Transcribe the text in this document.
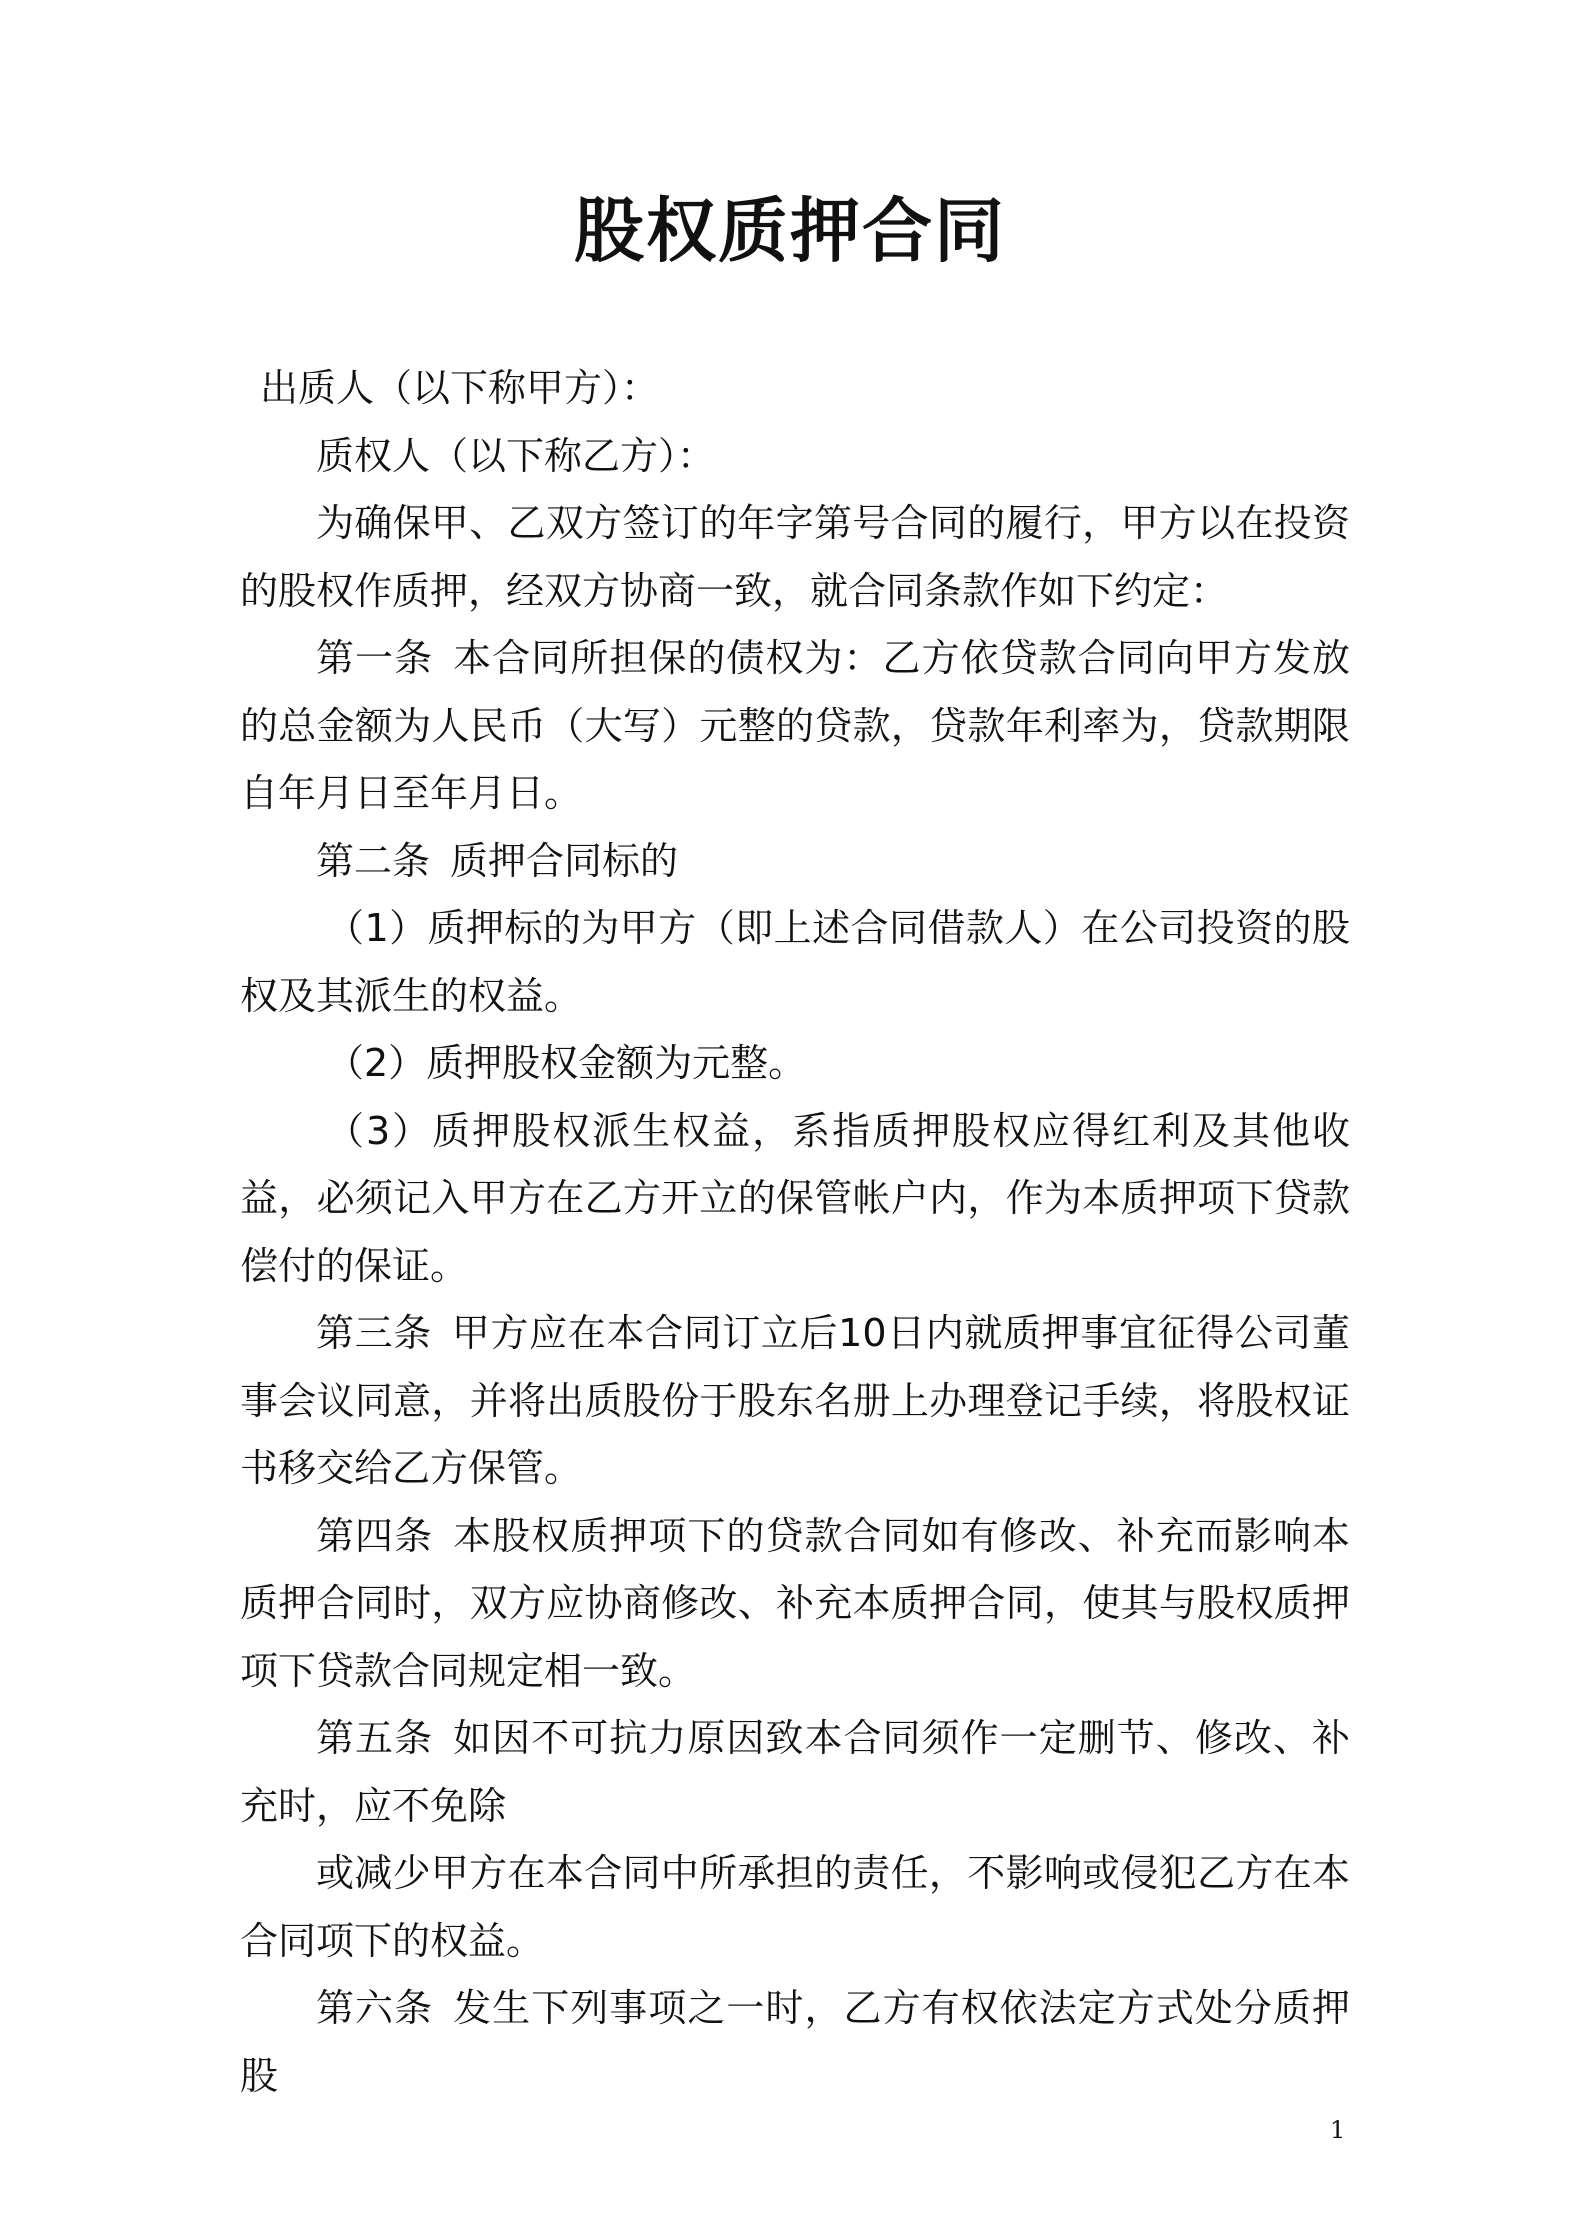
股权质押合同

出质人（以下称甲方）：

质权人（以下称乙方）：

为确保甲、乙双方签订的年字第号合同的履行，甲方以在投资的股权作质押，经双方协商一致，就合同条款作如下约定：

第一条 本合同所担保的债权为：乙方依贷款合同向甲方发放的总金额为人民币（大写）元整的贷款，贷款年利率为，贷款期限自年月日至年月日。

第二条 质押合同标的

（1）质押标的为甲方（即上述合同借款人）在公司投资的股权及其派生的权益。

（2）质押股权金额为元整。

（3）质押股权派生权益，系指质押股权应得红利及其他收益，必须记入甲方在乙方开立的保管帐户内，作为本质押项下贷款偿付的保证。

第三条 甲方应在本合同订立后10日内就质押事宜征得公司董事会议同意，并将出质股份于股东名册上办理登记手续，将股权证书移交给乙方保管。

第四条 本股权质押项下的贷款合同如有修改、补充而影响本质押合同时，双方应协商修改、补充本质押合同，使其与股权质押项下贷款合同规定相一致。

第五条 如因不可抗力原因致本合同须作一定删节、修改、补充时，应不免除

或减少甲方在本合同中所承担的责任，不影响或侵犯乙方在本合同项下的权益。

第六条 发生下列事项之一时，乙方有权依法定方式处分质押股

1
